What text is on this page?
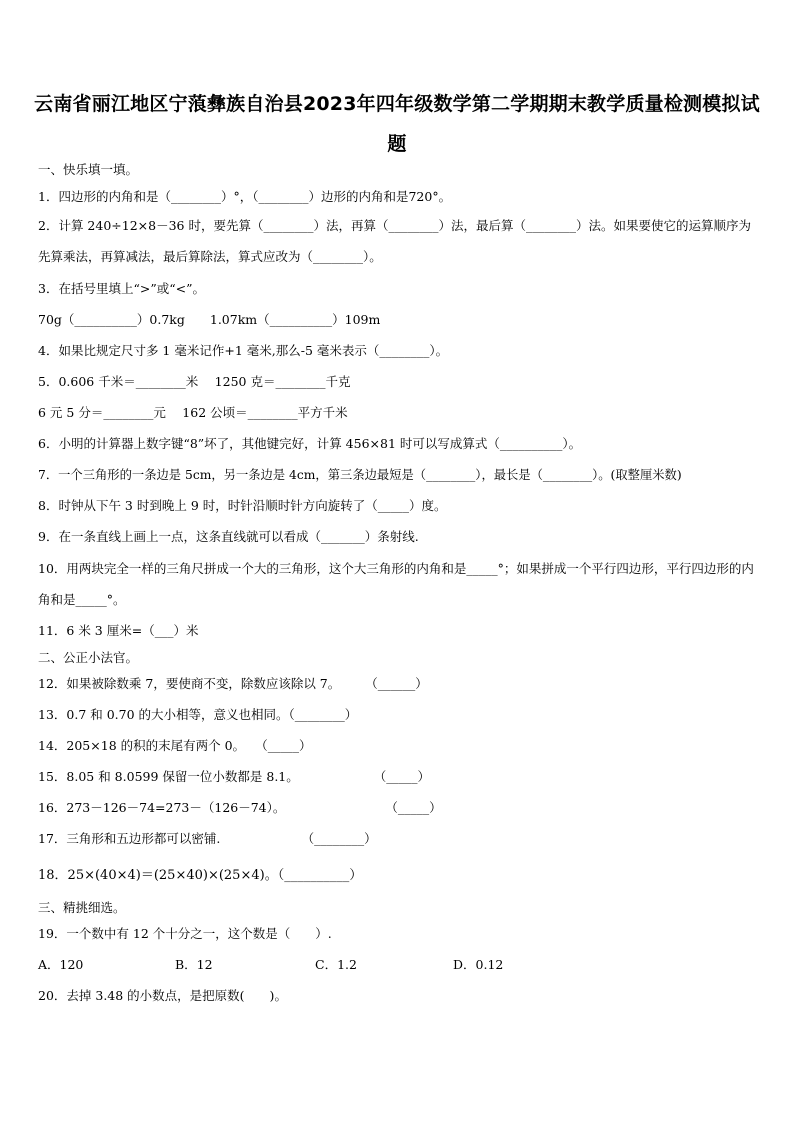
云南省丽江地区宁蒗彝族自治县2023年四年级数学第二学期期末教学质量检测模拟试题
一、快乐填一填。
1．四边形的内角和是（________）°，（________）边形的内角和是720°。
2．计算 240÷12×8－36 时，要先算（________）法，再算（________）法，最后算（________）法。如果要使它的运算顺序为先算乘法，再算减法，最后算除法，算式应改为（________）。
3．在括号里填上“>”或“<”。
70g（__________）0.7kg　　1.07km（__________）109m
4．如果比规定尺寸多 1 毫米记作+1 毫米,那么-5 毫米表示（________）。
5．0.606 千米＝________米　 1250 克＝________千克
6 元 5 分＝________元　 162 公顷＝________平方千米
6．小明的计算器上数字键“8”坏了，其他键完好，计算 456×81 时可以写成算式（__________）。
7．一个三角形的一条边是 5cm，另一条边是 4cm，第三条边最短是（________），最长是（________）。(取整厘米数)
8．时钟从下午 3 时到晚上 9 时，时针沿顺时针方向旋转了（_____）度。
9．在一条直线上画上一点，这条直线就可以看成（_______）条射线.
10．用两块完全一样的三角尺拼成一个大的三角形，这个大三角形的内角和是_____°；如果拼成一个平行四边形，平行四边形的内角和是_____°。
11．6 米 3 厘米=（___）米
二、公正小法官。
12．如果被除数乘 7，要使商不变，除数应该除以 7。　　　（______）
13．0.7 和 0.70 的大小相等，意义也相同。（________）
14．205×18 的积的末尾有两个 0。　 （_____）
15．8.05 和 8.0599 保留一位小数都是 8.1。　　　　　　　（_____）
16．273－126－74=273－（126－74）。　　　　　　　　　（_____）
17．三角形和五边形都可以密铺.　　　　　　　（________）
18．25×(40×4)＝(25×40)×(25×4)。（__________）
三、精挑细选。
19．一个数中有 12 个十分之一，这个数是（　　）.
A．120	B．12	C．1.2	D．0.12
20．去掉 3.48 的小数点，是把原数(　　)。
